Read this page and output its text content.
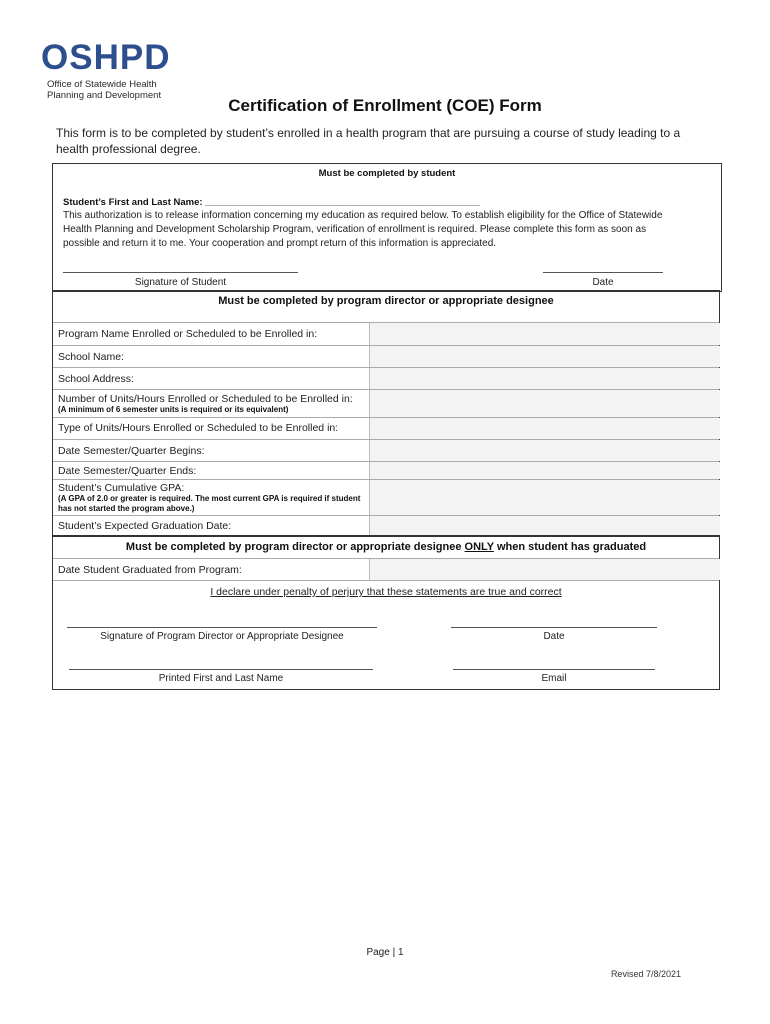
OSHPD
Office of Statewide Health
Planning and Development
Certification of Enrollment (COE) Form
This form is to be completed by student’s enrolled in a health program that are pursuing a course of study leading to a health professional degree.
Must be completed by student
Student’s First and Last Name: ____________________________________________________
This authorization is to release information concerning my education as required below. To establish eligibility for the Office of Statewide Health Planning and Development Scholarship Program, verification of enrollment is required. Please complete this form as soon as possible and return it to me. Your cooperation and prompt return of this information is appreciated.
Signature of Student	Date
Must be completed by program director or appropriate designee
Program Name Enrolled or Scheduled to be Enrolled in:
School Name:
School Address:
Number of Units/Hours Enrolled or Scheduled to be Enrolled in:
(A minimum of 6 semester units is required or its equivalent)
Type of Units/Hours Enrolled or Scheduled to be Enrolled in:
Date Semester/Quarter Begins:
Date Semester/Quarter Ends:
Student’s Cumulative GPA:
(A GPA of 2.0 or greater is required. The most current GPA is required if student has not started the program above.)
Student’s Expected Graduation Date:
Must be completed by program director or appropriate designee ONLY when student has graduated
Date Student Graduated from Program:
I declare under penalty of perjury that these statements are true and correct
Signature of Program Director or Appropriate Designee	Date
Printed First and Last Name	Email
Page | 1
Revised 7/8/2021
